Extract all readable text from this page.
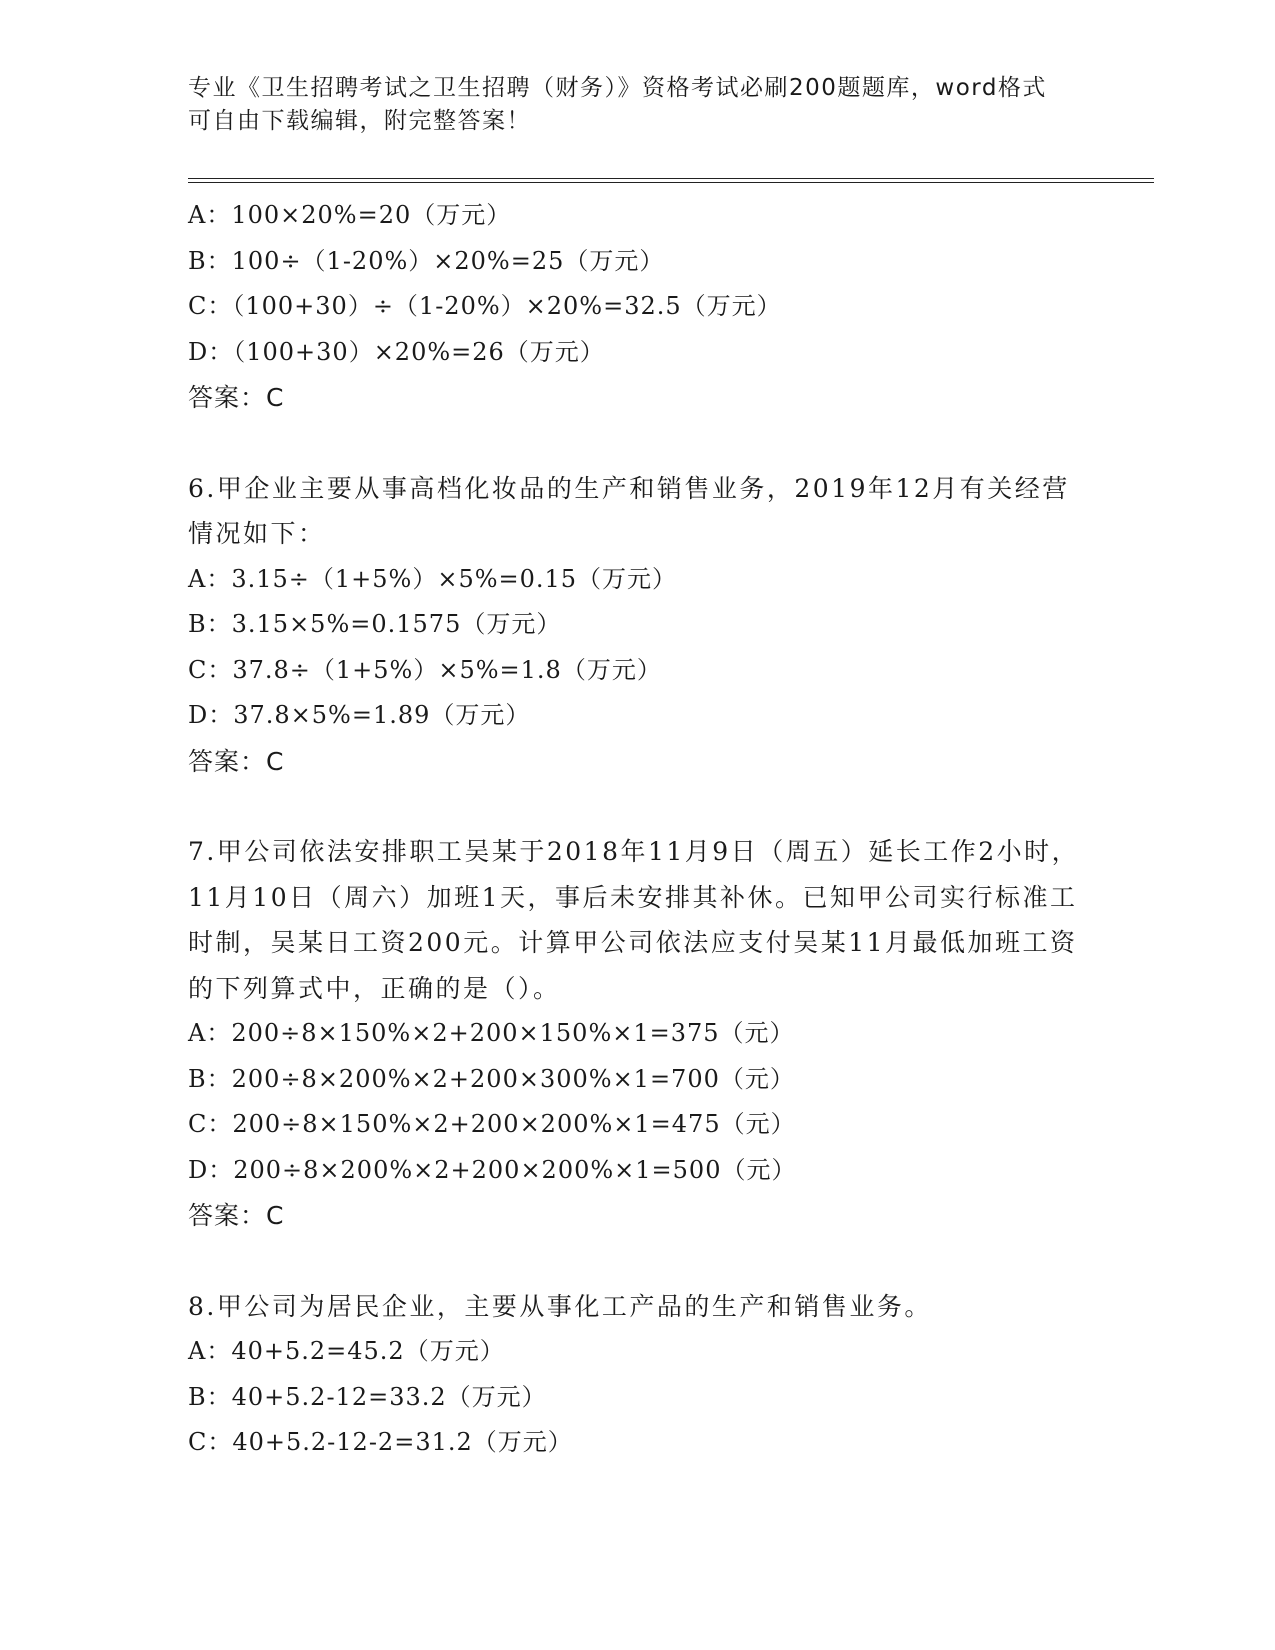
专业《卫生招聘考试之卫生招聘（财务）》资格考试必刷200题题库，word格式可自由下载编辑，附完整答案！
A：100×20%=20（万元）
B：100÷（1-20%）×20%=25（万元）
C：（100+30）÷（1-20%）×20%=32.5（万元）
D：（100+30）×20%=26（万元）
答案：C
6.甲企业主要从事高档化妆品的生产和销售业务，2019年12月有关经营情况如下：
A：3.15÷（1+5%）×5%=0.15（万元）
B：3.15×5%=0.1575（万元）
C：37.8÷（1+5%）×5%=1.8（万元）
D：37.8×5%=1.89（万元）
答案：C
7.甲公司依法安排职工吴某于2018年11月9日（周五）延长工作2小时，11月10日（周六）加班1天，事后未安排其补休。已知甲公司实行标准工时制，吴某日工资200元。计算甲公司依法应支付吴某11月最低加班工资的下列算式中，正确的是（）。
A：200÷8×150%×2+200×150%×1=375（元）
B：200÷8×200%×2+200×300%×1=700（元）
C：200÷8×150%×2+200×200%×1=475（元）
D：200÷8×200%×2+200×200%×1=500（元）
答案：C
8.甲公司为居民企业，主要从事化工产品的生产和销售业务。
A：40+5.2=45.2（万元）
B：40+5.2-12=33.2（万元）
C：40+5.2-12-2=31.2（万元）
